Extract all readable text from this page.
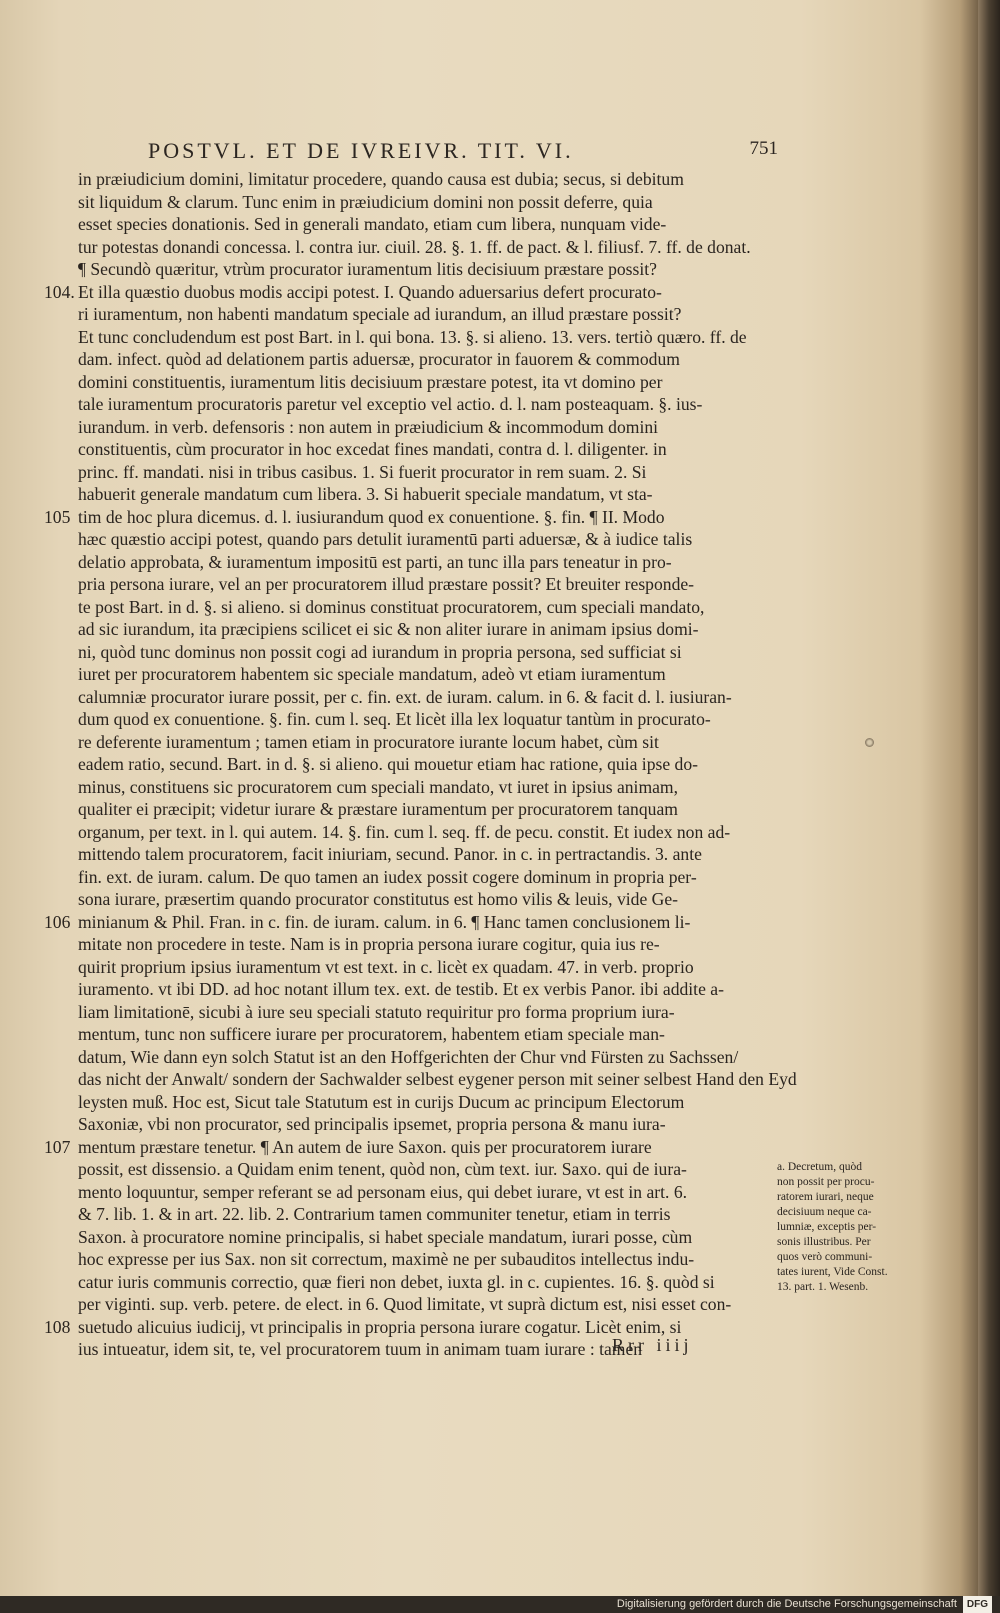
POSTVL. ET DE IVREIVR. TIT. VI.	751
in præiudicium domini, limitatur procedere, quando causa est dubia; secus, si debitum
sit liquidum & clarum. Tunc enim in præiudicium domini non possit deferre, quia
esset species donationis. Sed in generali mandato, etiam cum libera, nunquam vide-
tur potestas donandi concessa. l. contra iur. ciuil. 28. §. 1. ff. de pact. & l. filiusf. 7. ff. de donat.
¶ Secundò quæritur, vtrùm procurator iuramentum litis decisiuum præstare possit?
Et illa quæstio duobus modis accipi potest. I. Quando aduersarius defert procurato-
ri iuramentum, non habenti mandatum speciale ad iurandum, an illud præstare possit?
Et tunc concludendum est post Bart. in l. qui bona. 13. §. si alieno. 13. vers. tertiò quæro. ff. de
dam. infect. quòd ad delationem partis aduersæ, procurator in fauorem & commodum
domini constituentis, iuramentum litis decisiuum præstare potest, ita vt domino per
tale iuramentum procuratoris paretur vel exceptio vel actio. d. l. nam posteaquam. §. ius-
iurandum. in verb. defensoris : non autem in præiudicium & incommodum domini
constituentis, cùm procurator in hoc excedat fines mandati, contra d. l. diligenter. in
princ. ff. mandati. nisi in tribus casibus. 1. Si fuerit procurator in rem suam. 2. Si
habuerit generale mandatum cum libera. 3. Si habuerit speciale mandatum, vt sta-
tim de hoc plura dicemus. d. l. iusiurandum quod ex conuentione. §. fin. ¶ II. Modo
hæc quæstio accipi potest, quando pars detulit iuramentū parti aduersæ, & à iudice talis
delatio approbata, & iuramentum impositū est parti, an tunc illa pars teneatur in pro-
pria persona iurare, vel an per procuratorem illud præstare possit? Et breuiter responde-
te post Bart. in d. §. si alieno. si dominus constituat procuratorem, cum speciali mandato,
ad sic iurandum, ita præcipiens scilicet ei sic & non aliter iurare in animam ipsius domi-
ni, quòd tunc dominus non possit cogi ad iurandum in propria persona, sed sufficiat si
iuret per procuratorem habentem sic speciale mandatum, adeò vt etiam iuramentum
calumniæ procurator iurare possit, per c. fin. ext. de iuram. calum. in 6. & facit d. l. iusiuran-
dum quod ex conuentione. §. fin. cum l. seq. Et licèt illa lex loquatur tantùm in procurato-
re deferente iuramentum ; tamen etiam in procuratore iurante locum habet, cùm sit
eadem ratio, secund. Bart. in d. §. si alieno. qui mouetur etiam hac ratione, quia ipse do-
minus, constituens sic procuratorem cum speciali mandato, vt iuret in ipsius animam,
qualiter ei præcipit; videtur iurare & præstare iuramentum per procuratorem tanquam
organum, per text. in l. qui autem. 14. §. fin. cum l. seq. ff. de pecu. constit. Et iudex non ad-
mittendo talem procuratorem, facit iniuriam, secund. Panor. in c. in pertractandis. 3. ante
fin. ext. de iuram. calum. De quo tamen an iudex possit cogere dominum in propria per-
sona iurare, præsertim quando procurator constitutus est homo vilis & leuis, vide Ge-
minianum & Phil. Fran. in c. fin. de iuram. calum. in 6. ¶ Hanc tamen conclusionem li-
mitate non procedere in teste. Nam is in propria persona iurare cogitur, quia ius re-
quirit proprium ipsius iuramentum vt est text. in c. licèt ex quadam. 47. in verb. proprio
iuramento. vt ibi DD. ad hoc notant illum tex. ext. de testib. Et ex verbis Panor. ibi addite a-
liam limitationē, sicubi à iure seu speciali statuto requiritur pro forma proprium iura-
mentum, tunc non sufficere iurare per procuratorem, habentem etiam speciale man-
datum, Wie dann eyn solch Statut ist an den Hoffgerichten der Chur vnd Fürsten zu Sachssen/
das nicht der Anwalt/ sondern der Sachwalder selbest eygener person mit seiner selbest Hand den Eyd
leysten muß. Hoc est, Sicut tale Statutum est in curijs Ducum ac principum Electorum
Saxoniæ, vbi non procurator, sed principalis ipsemet, propria persona & manu iura-
mentum præstare tenetur. ¶ An autem de iure Saxon. quis per procuratorem iurare
possit, est dissensio. a Quidam enim tenent, quòd non, cùm text. iur. Saxo. qui de iura-
mento loquuntur, semper referant se ad personam eius, qui debet iurare, vt est in art. 6.
& 7. lib. 1. & in art. 22. lib. 2. Contrarium tamen communiter tenetur, etiam in terris
Saxon. à procuratore nomine principalis, si habet speciale mandatum, iurari posse, cùm
hoc expresse per ius Sax. non sit correctum, maximè ne per subauditos intellectus indu-
catur iuris communis correctio, quæ fieri non debet, iuxta gl. in c. cupientes. 16. §. quòd si
per viginti. sup. verb. petere. de elect. in 6. Quod limitate, vt suprà dictum est, nisi esset con-
suetudo alicuius iudicij, vt principalis in propria persona iurare cogatur. Licèt enim, si
ius intueatur, idem sit, te, vel procuratorem tuum in animam tuam iurare : tamen
a. Decretum, quòd
non possit per procu-
ratorem iurari, neque
decisiuum neque ca-
lumniæ, exceptis per-
sonis illustribus. Per
quos verò communi-
tates iurent, Vide Const.
13. part. 1. Wesenb.
Rrr iiij
Digitalisierung gefördert durch die Deutsche Forschungsgemeinschaft DFG
